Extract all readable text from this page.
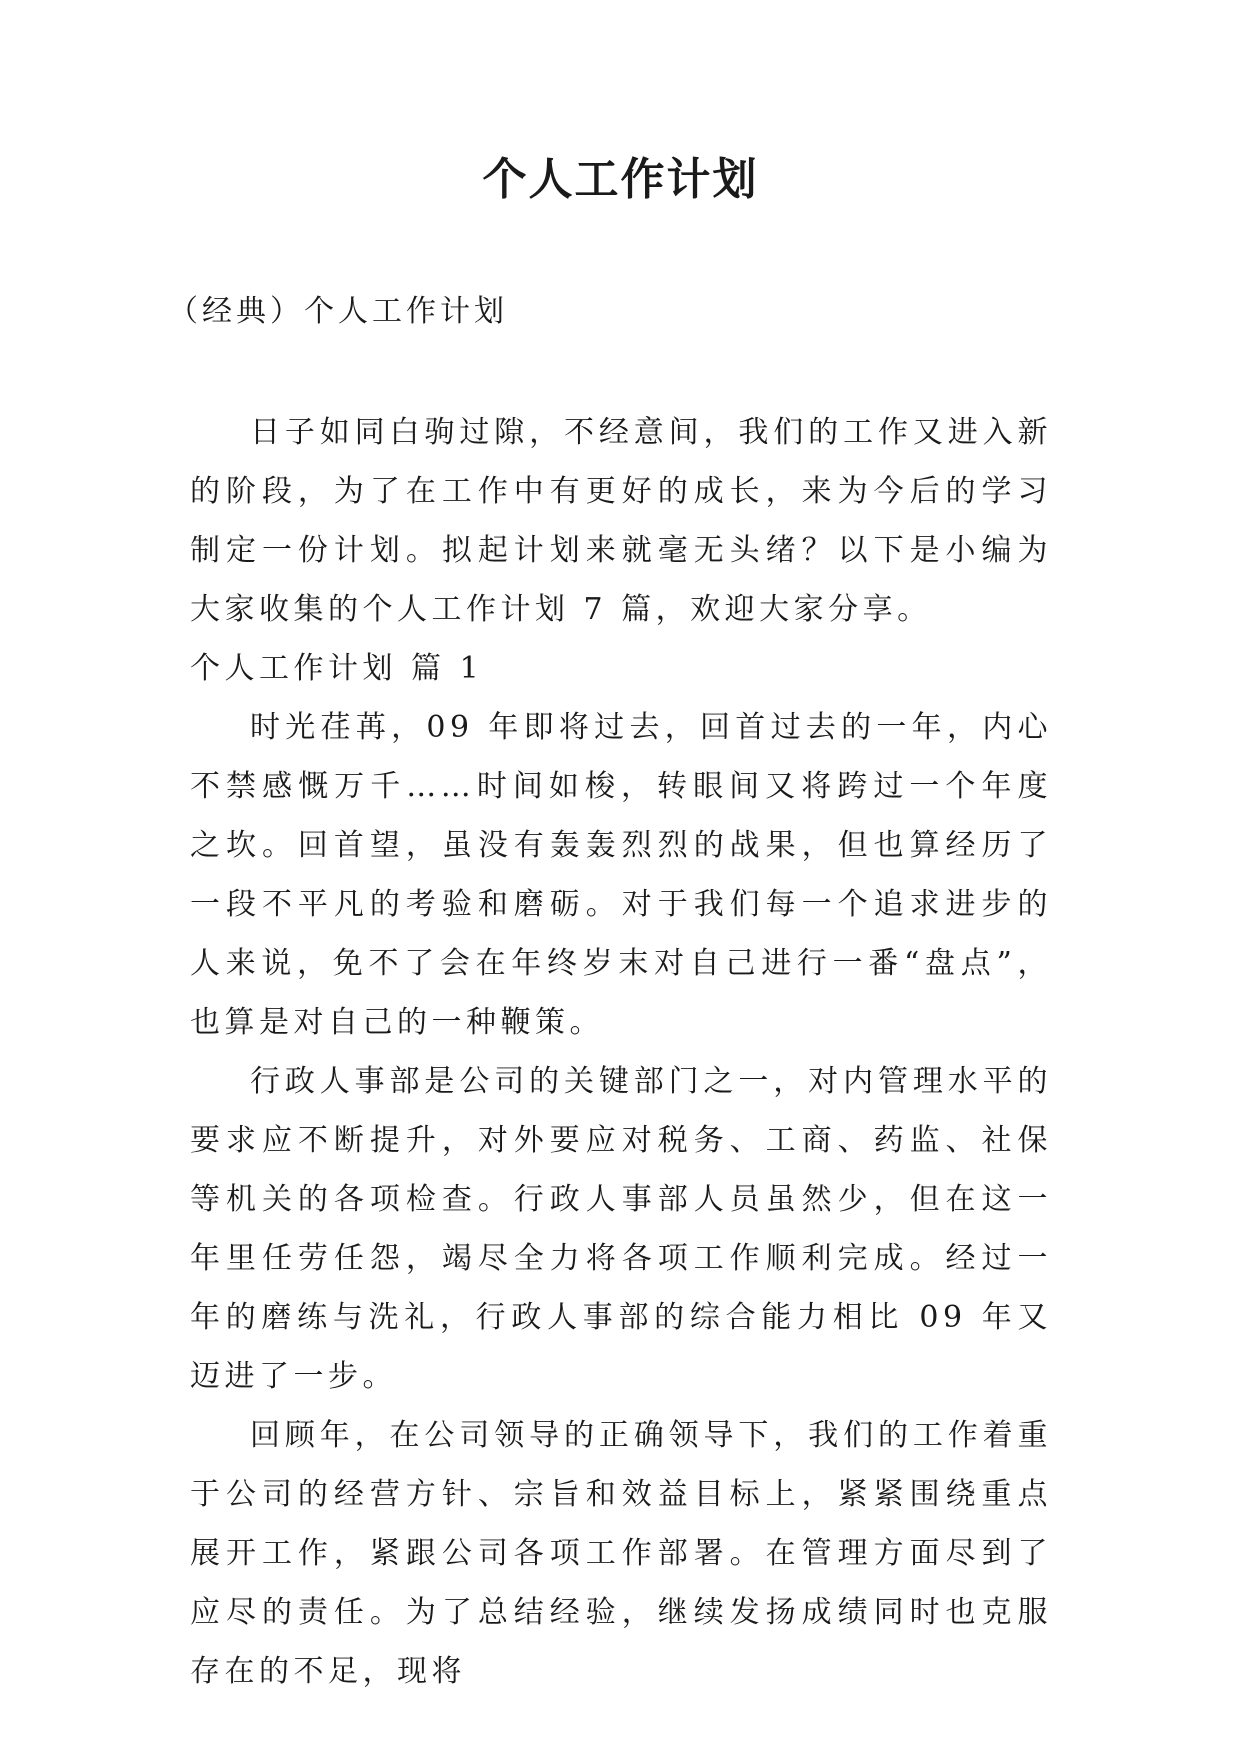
个人工作计划

（经典）个人工作计划

日子如同白驹过隙，不经意间，我们的工作又进入新的阶段，为了在工作中有更好的成长，来为今后的学习制定一份计划。拟起计划来就毫无头绪？以下是小编为大家收集的个人工作计划 7 篇，欢迎大家分享。

个人工作计划 篇 1

时光荏苒，09 年即将过去，回首过去的一年，内心不禁感慨万千……时间如梭，转眼间又将跨过一个年度之坎。回首望，虽没有轰轰烈烈的战果，但也算经历了一段不平凡的考验和磨砺。对于我们每一个追求进步的人来说，免不了会在年终岁末对自己进行一番“盘点”，也算是对自己的一种鞭策。

行政人事部是公司的关键部门之一，对内管理水平的要求应不断提升，对外要应对税务、工商、药监、社保等机关的各项检查。行政人事部人员虽然少，但在这一年里任劳任怨，竭尽全力将各项工作顺利完成。经过一年的磨练与洗礼，行政人事部的综合能力相比 09 年又迈进了一步。

回顾年，在公司领导的正确领导下，我们的工作着重于公司的经营方针、宗旨和效益目标上，紧紧围绕重点展开工作，紧跟公司各项工作部署。在管理方面尽到了应尽的责任。为了总结经验，继续发扬成绩同时也克服存在的不足，现将
